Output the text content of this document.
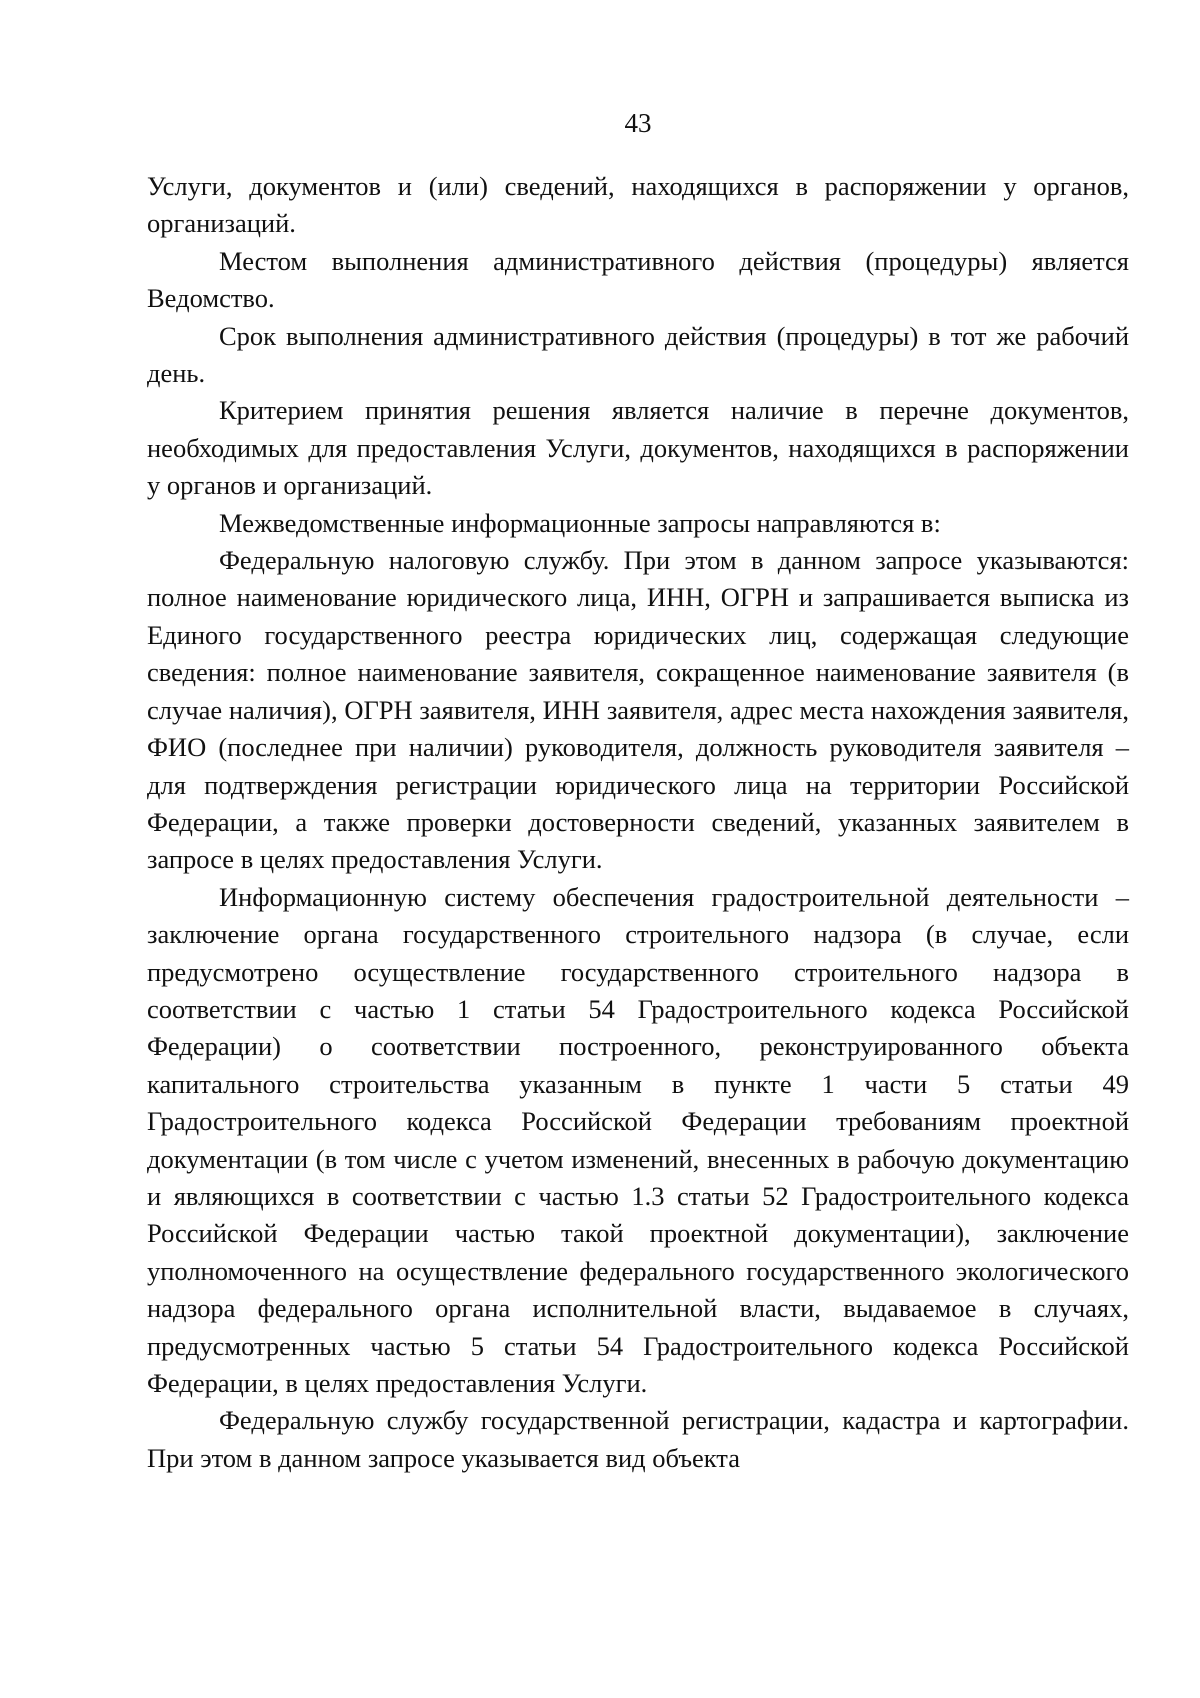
43

Услуги, документов и (или) сведений, находящихся в распоряжении у органов, организаций.

Местом выполнения административного действия (процедуры) является Ведомство.

Срок выполнения административного действия (процедуры) в тот же рабочий день.

Критерием принятия решения является наличие в перечне документов, необходимых для предоставления Услуги, документов, находящихся в распоряжении у органов и организаций.

Межведомственные информационные запросы направляются в:

Федеральную налоговую службу. При этом в данном запросе указываются: полное наименование юридического лица, ИНН, ОГРН и запрашивается выписка из Единого государственного реестра юридических лиц, содержащая следующие сведения: полное наименование заявителя, сокращенное наименование заявителя (в случае наличия), ОГРН заявителя, ИНН заявителя, адрес места нахождения заявителя, ФИО (последнее при наличии) руководителя, должность руководителя заявителя – для подтверждения регистрации юридического лица на территории Российской Федерации, а также проверки достоверности сведений, указанных заявителем в запросе в целях предоставления Услуги.

Информационную систему обеспечения градостроительной деятельности – заключение органа государственного строительного надзора (в случае, если предусмотрено осуществление государственного строительного надзора в соответствии с частью 1 статьи 54 Градостроительного кодекса Российской Федерации) о соответствии построенного, реконструированного объекта капитального строительства указанным в пункте 1 части 5 статьи 49 Градостроительного кодекса Российской Федерации требованиям проектной документации (в том числе с учетом изменений, внесенных в рабочую документацию и являющихся в соответствии с частью 1.3 статьи 52 Градостроительного кодекса Российской Федерации частью такой проектной документации), заключение уполномоченного на осуществление федерального государственного экологического надзора федерального органа исполнительной власти, выдаваемое в случаях, предусмотренных частью 5 статьи 54 Градостроительного кодекса Российской Федерации, в целях предоставления Услуги.

Федеральную службу государственной регистрации, кадастра и картографии. При этом в данном запросе указывается вид объекта
